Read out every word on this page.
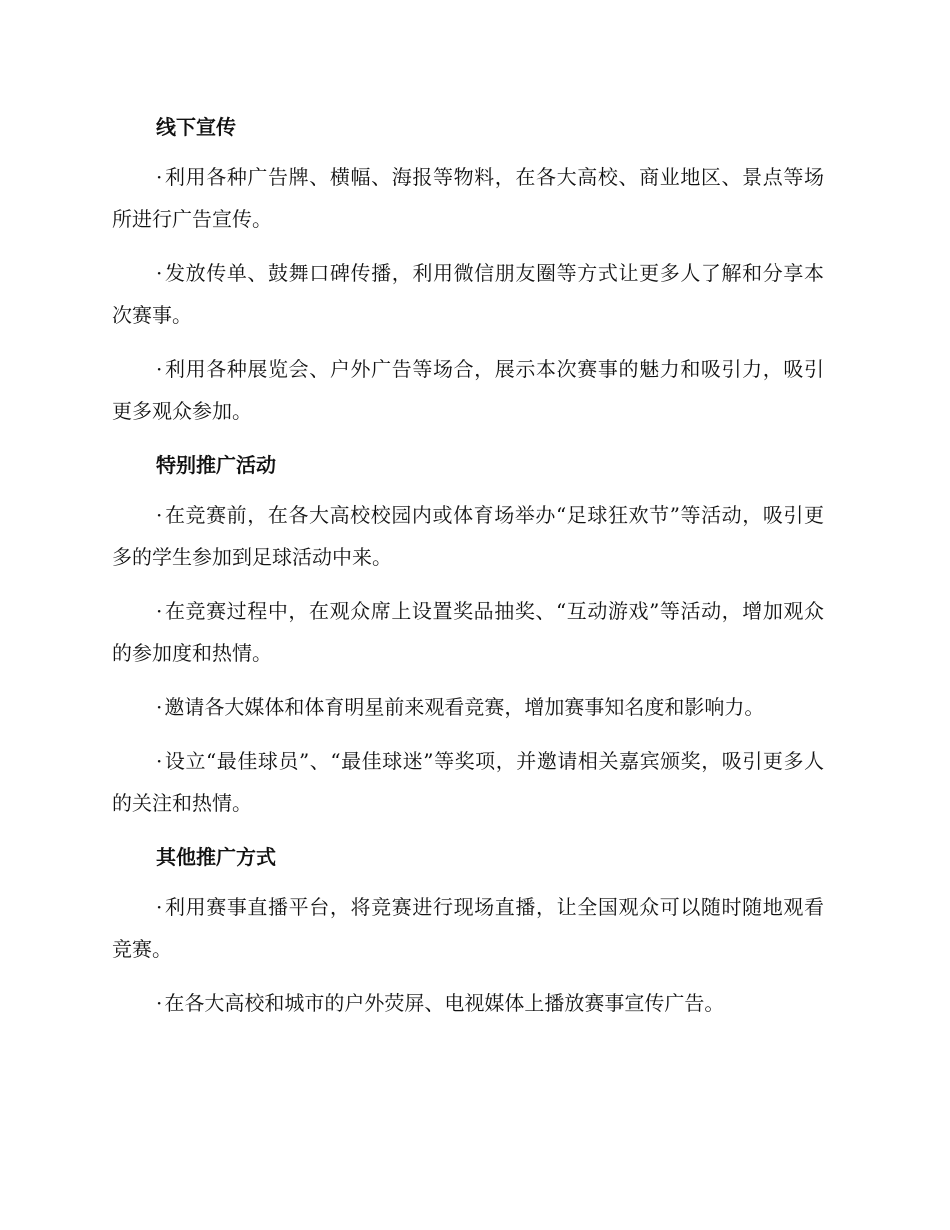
线下宣传

· 利用各种广告牌、横幅、海报等物料，在各大高校、商业地区、景点等场所进行广告宣传。

· 发放传单、鼓舞口碑传播，利用微信朋友圈等方式让更多人了解和分享本次赛事。

· 利用各种展览会、户外广告等场合，展示本次赛事的魅力和吸引力，吸引更多观众参加。

特别推广活动

· 在竞赛前，在各大高校校园内或体育场举办“足球狂欢节”等活动，吸引更多的学生参加到足球活动中来。

· 在竞赛过程中，在观众席上设置奖品抽奖、“互动游戏”等活动，增加观众的参加度和热情。

· 邀请各大媒体和体育明星前来观看竞赛，增加赛事知名度和影响力。

· 设立“最佳球员”、“最佳球迷”等奖项，并邀请相关嘉宾颁奖，吸引更多人的关注和热情。

其他推广方式

· 利用赛事直播平台，将竞赛进行现场直播，让全国观众可以随时随地观看竞赛。

· 在各大高校和城市的户外荧屏、电视媒体上播放赛事宣传广告。
